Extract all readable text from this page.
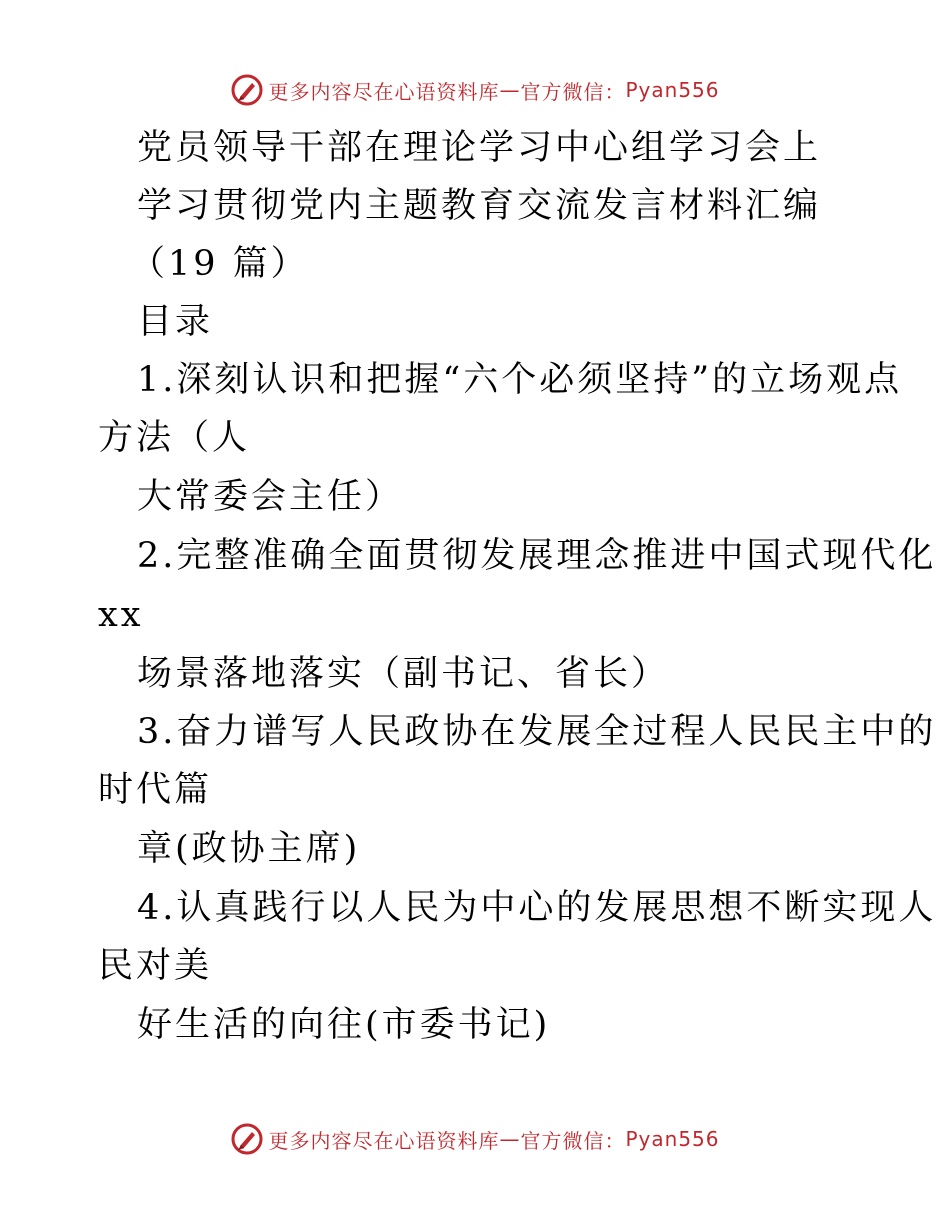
更多内容尽在心语资料库 — 官方微信： Pyan556
党员领导干部在理论学习中心组学习会上
学习贯彻党内主题教育交流发言材料汇编
（19 篇）
目录
1.深刻认识和把握“六个必须坚持”的立场观点
方法（人
大常委会主任）
2.完整准确全面贯彻发展理念推进中国式现代化
xx
场景落地落实（副书记、省长）
3.奋力谱写人民政协在发展全过程人民民主中的
时代篇
章(政协主席)
4.认真践行以人民为中心的发展思想不断实现人
民对美
好生活的向往(市委书记)
更多内容尽在心语资料库 — 官方微信： Pyan556
